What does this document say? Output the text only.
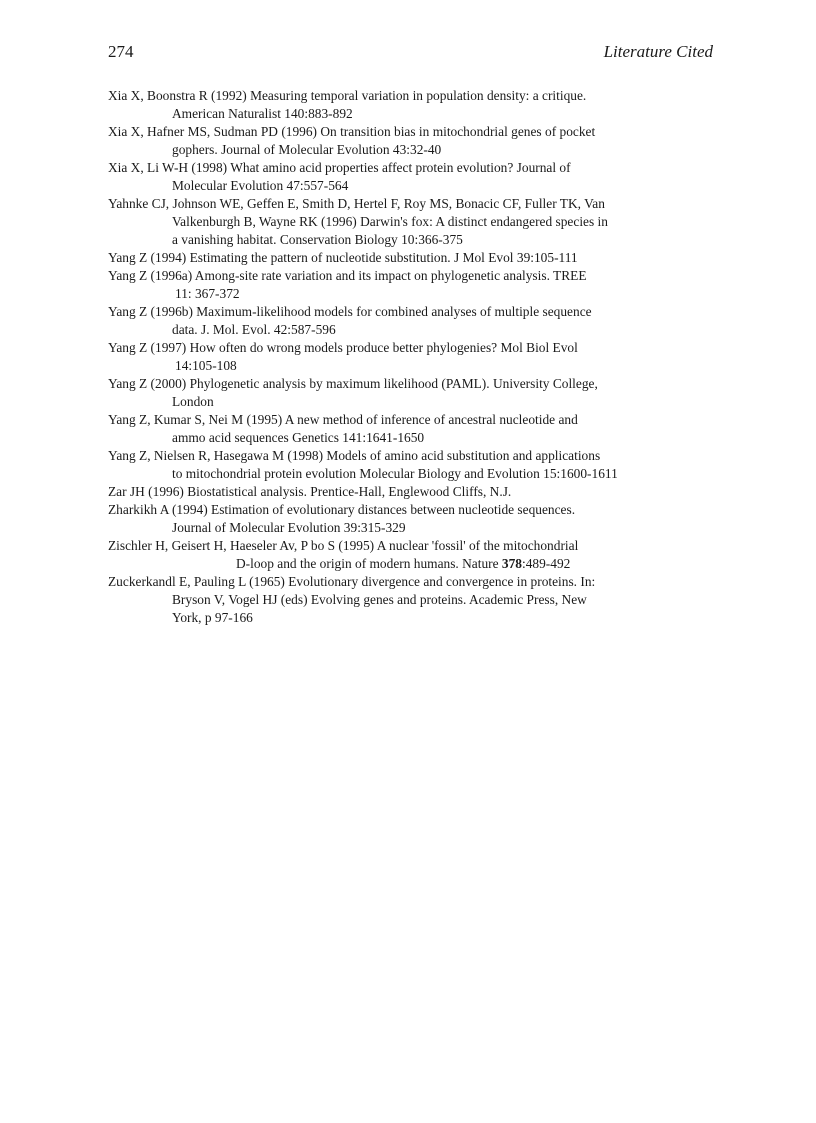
274	Literature Cited

Xia X, Boonstra R (1992) Measuring temporal variation in population density: a critique.
American Naturalist 140:883-892

Xia X, Hafner MS, Sudman PD (1996) On transition bias in mitochondrial genes of pocket
gophers. Journal of Molecular Evolution 43:32-40

Xia X, Li W-H (1998) What amino acid properties affect protein evolution? Journal of
Molecular Evolution 47:557-564

Yahnke CJ, Johnson WE, Geffen E, Smith D, Hertel F, Roy MS, Bonacic CF, Fuller TK, Van
Valkenburgh B, Wayne RK (1996) Darwin's fox: A distinct endangered species in
a vanishing habitat. Conservation Biology 10:366-375

Yang Z (1994) Estimating the pattern of nucleotide substitution. J Mol Evol 39:105-111

Yang Z (1996a) Among-site rate variation and its impact on phylogenetic analysis. TREE
11: 367-372

Yang Z (1996b) Maximum-likelihood models for combined analyses of multiple sequence
data. J. Mol. Evol. 42:587-596

Yang Z (1997) How often do wrong models produce better phylogenies? Mol Biol Evol
14:105-108

Yang Z (2000) Phylogenetic analysis by maximum likelihood (PAML). University College,
London

Yang Z, Kumar S, Nei M (1995) A new method of inference of ancestral nucleotide and
ammo acid sequences Genetics 141:1641-1650

Yang Z, Nielsen R, Hasegawa M (1998) Models of amino acid substitution and applications
to mitochondrial protein evolution Molecular Biology and Evolution 15:1600-1611

Zar JH (1996) Biostatistical analysis. Prentice-Hall, Englewood Cliffs, N.J.

Zharkikh A (1994) Estimation of evolutionary distances between nucleotide sequences.
Journal of Molecular Evolution 39:315-329

Zischler H, Geisert H, Haeseler Av, P bo S (1995) A nuclear 'fossil' of the mitochondrial
D-loop and the origin of modern humans. Nature 378:489-492

Zuckerkandl E, Pauling L (1965) Evolutionary divergence and convergence in proteins. In:
Bryson V, Vogel HJ (eds) Evolving genes and proteins. Academic Press, New
York, p 97-166
